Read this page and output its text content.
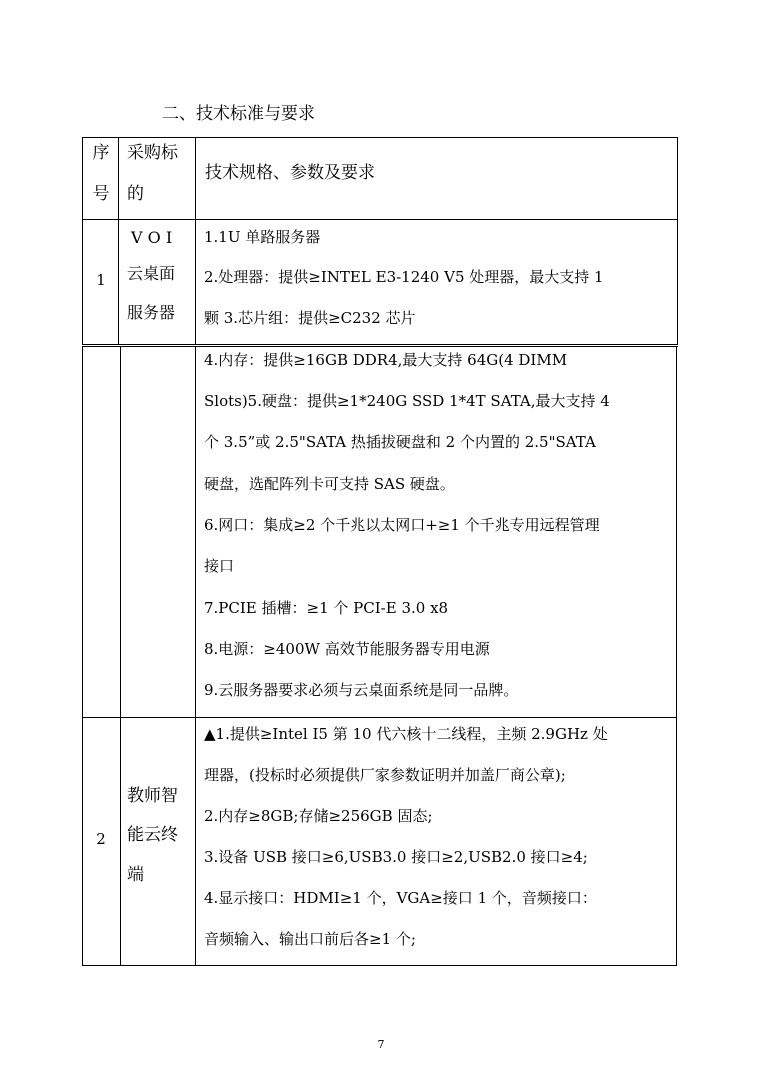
二、技术标准与要求
序
号
采购标
的
技术规格、参数及要求
1
V O I
云桌面
服务器
1.1U 单路服务器
2.处理器：提供≥INTEL E3-1240 V5 处理器，最大支持 1
颗 3.芯片组：提供≥C232 芯片
4.内存：提供≥16GB DDR4,最大支持 64G(4 DIMM
Slots)5.硬盘：提供≥1*240G SSD 1*4T SATA,最大支持 4
个 3.5”或 2.5"SATA 热插拔硬盘和 2 个内置的 2.5"SATA
硬盘，选配阵列卡可支持 SAS 硬盘。
6.网口：集成≥2 个千兆以太网口+≥1 个千兆专用远程管理
接口
7.PCIE 插槽：≥1 个 PCI-E 3.0 x8
8.电源：≥400W 高效节能服务器专用电源
9.云服务器要求必须与云桌面系统是同一品牌。
2
教师智
能云终
端
▲1.提供≥Intel I5 第 10 代六核十二线程，主频 2.9GHz 处
理器，(投标时必须提供厂家参数证明并加盖厂商公章);
2.内存≥8GB;存储≥256GB 固态;
3.设备 USB 接口≥6,USB3.0 接口≥2,USB2.0 接口≥4;
4.显示接口：HDMI≥1 个，VGA≥接口 1 个，音频接口：
音频输入、输出口前后各≥1 个;
7
